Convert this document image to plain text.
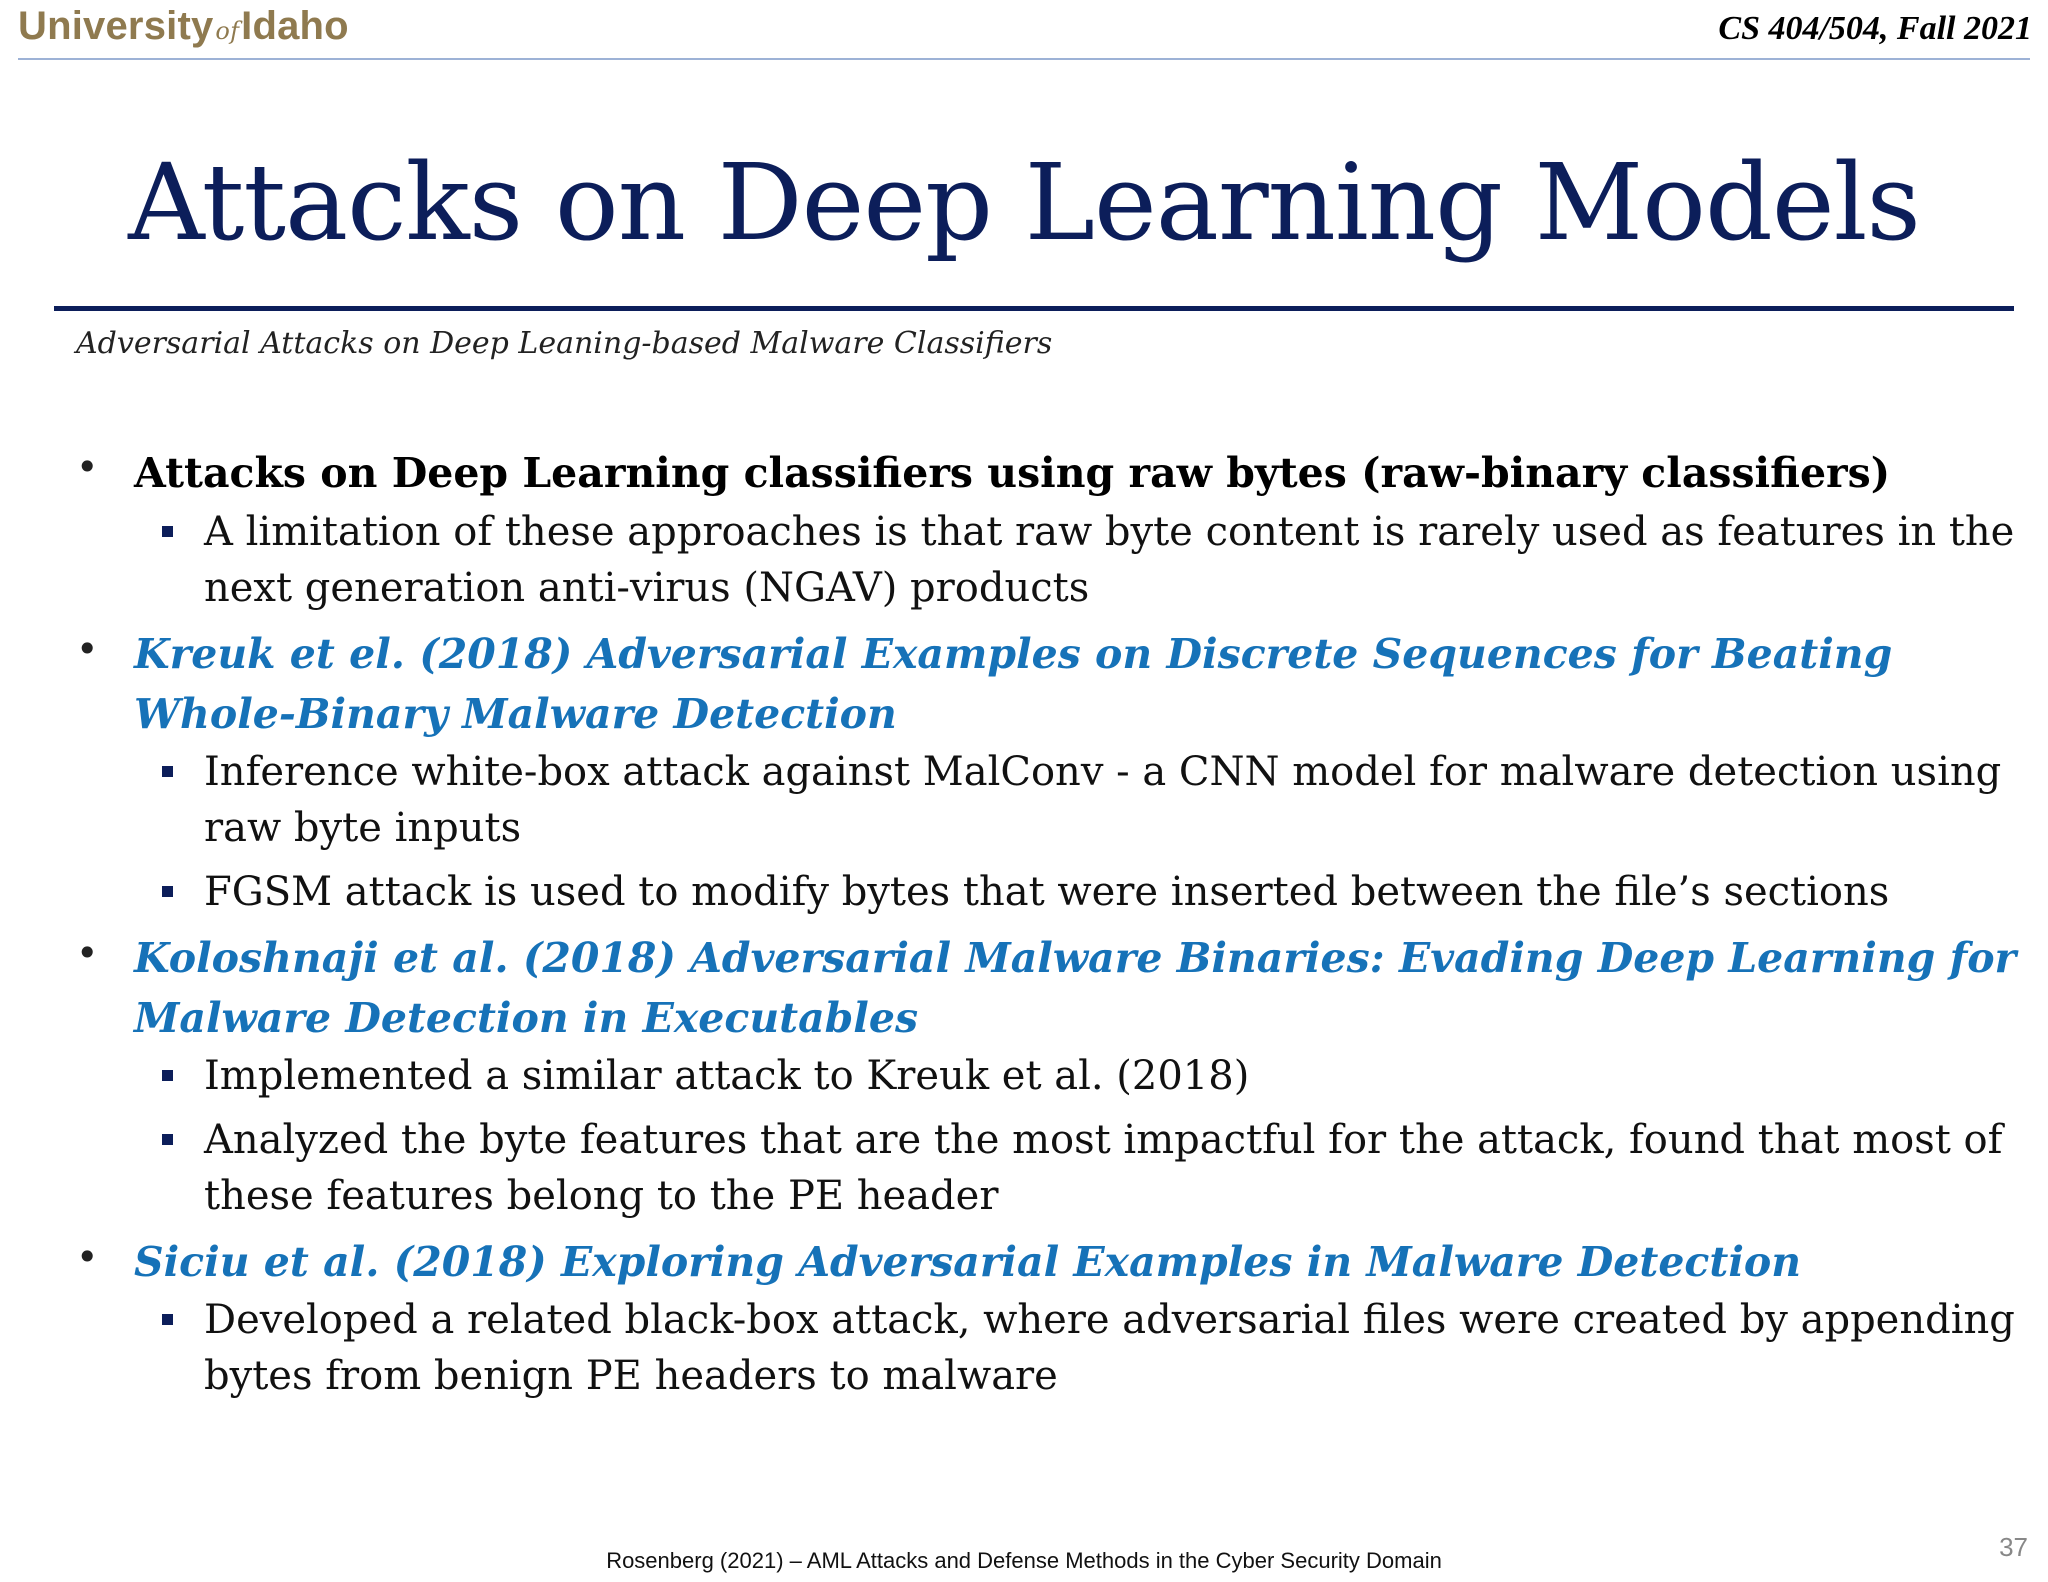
UniversityofIdaho	CS 404/504, Fall 2021
Attacks on Deep Learning Models
Adversarial Attacks on Deep Leaning-based Malware Classifiers
• Attacks on Deep Learning classifiers using raw bytes (raw-binary classifiers)
A limitation of these approaches is that raw byte content is rarely used as features in the next generation anti-virus (NGAV) products
• Kreuk et el. (2018) Adversarial Examples on Discrete Sequences for Beating Whole-Binary Malware Detection
Inference white-box attack against MalConv - a CNN model for malware detection using raw byte inputs
FGSM attack is used to modify bytes that were inserted between the file’s sections
• Koloshnaji et al. (2018) Adversarial Malware Binaries: Evading Deep Learning for Malware Detection in Executables
Implemented a similar attack to Kreuk et al. (2018)
Analyzed the byte features that are the most impactful for the attack, found that most of these features belong to the PE header
• Siciu et al. (2018) Exploring Adversarial Examples in Malware Detection
Developed a related black-box attack, where adversarial files were created by appending bytes from benign PE headers to malware
Rosenberg (2021) – AML Attacks and Defense Methods in the Cyber Security Domain	37
